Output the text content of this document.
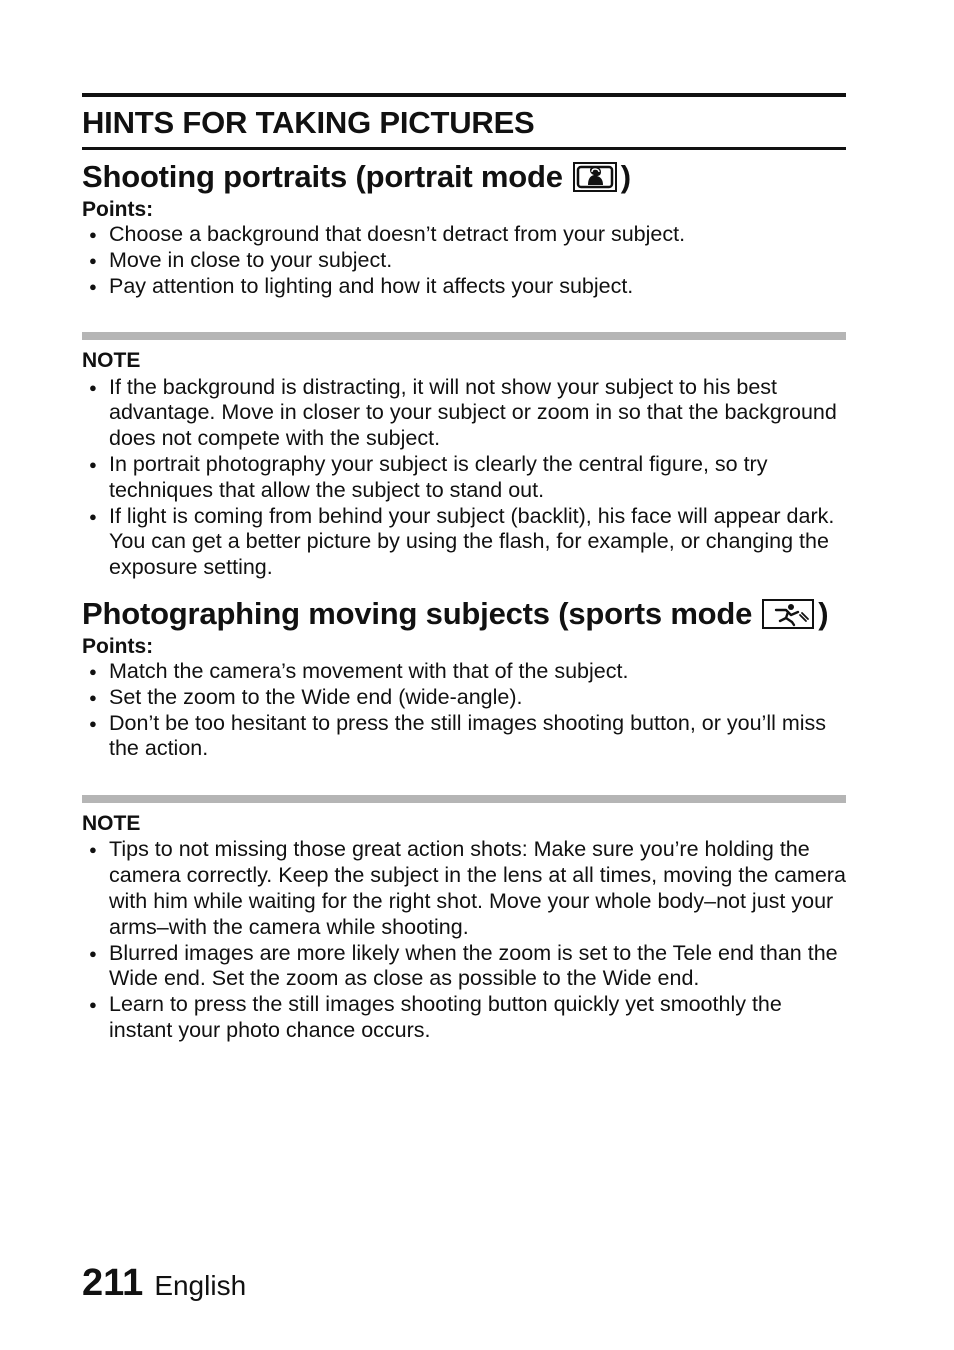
HINTS FOR TAKING PICTURES
Shooting portraits (portrait mode )

Points:

● Choose a background that doesn’t detract from your subject.
● Move in close to your subject.
● Pay attention to lighting and how it affects your subject.

NOTE

● If the background is distracting, it will not show your subject to his best advantage. Move in closer to your subject or zoom in so that the background does not compete with the subject.
● In portrait photography your subject is clearly the central figure, so try techniques that allow the subject to stand out.
● If light is coming from behind your subject (backlit), his face will appear dark. You can get a better picture by using the flash, for example, or changing the exposure setting.
Photographing moving subjects (sports mode )

Points:

● Match the camera’s movement with that of the subject.
● Set the zoom to the Wide end (wide-angle).
● Don’t be too hesitant to press the still images shooting button, or you’ll miss the action.

NOTE

● Tips to not missing those great action shots: Make sure you’re holding the camera correctly. Keep the subject in the lens at all times, moving the camera with him while waiting for the right shot. Move your whole body–not just your arms–with the camera while shooting.
● Blurred images are more likely when the zoom is set to the Tele end than the Wide end. Set the zoom as close as possible to the Wide end.
● Learn to press the still images shooting button quickly yet smoothly the instant your photo chance occurs.
211 English
